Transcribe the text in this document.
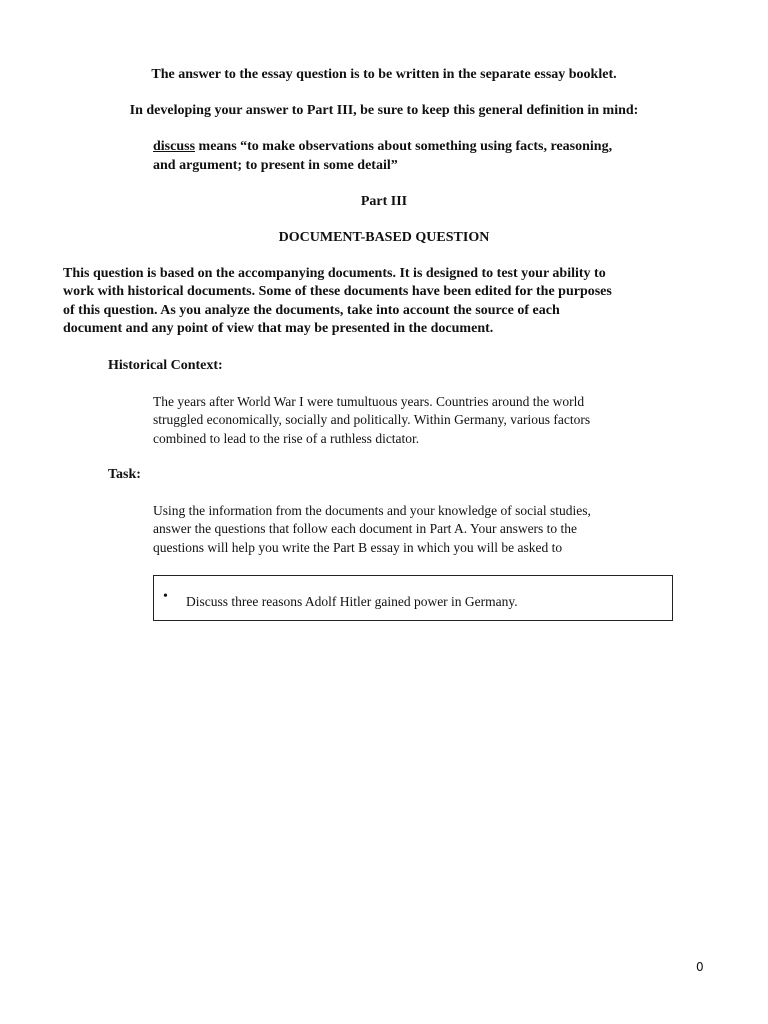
The answer to the essay question is to be written in the separate essay booklet.
In developing your answer to Part III, be sure to keep this general definition in mind:
discuss means “to make observations about something using facts, reasoning,
and argument; to present in some detail”
Part III
DOCUMENT-BASED QUESTION
This question is based on the accompanying documents. It is designed to test your ability to
work with historical documents. Some of these documents have been edited for the purposes
of this question. As you analyze the documents, take into account the source of each
document and any point of view that may be presented in the document.
Historical Context:
The years after World War I were tumultuous years. Countries around the world
struggled economically, socially and politically. Within Germany, various factors
combined to lead to the rise of a ruthless dictator.
Task:
Using the information from the documents and your knowledge of social studies,
answer the questions that follow each document in Part A. Your answers to the
questions will help you write the Part B essay in which you will be asked to
• Discuss three reasons Adolf Hitler gained power in Germany.
0
